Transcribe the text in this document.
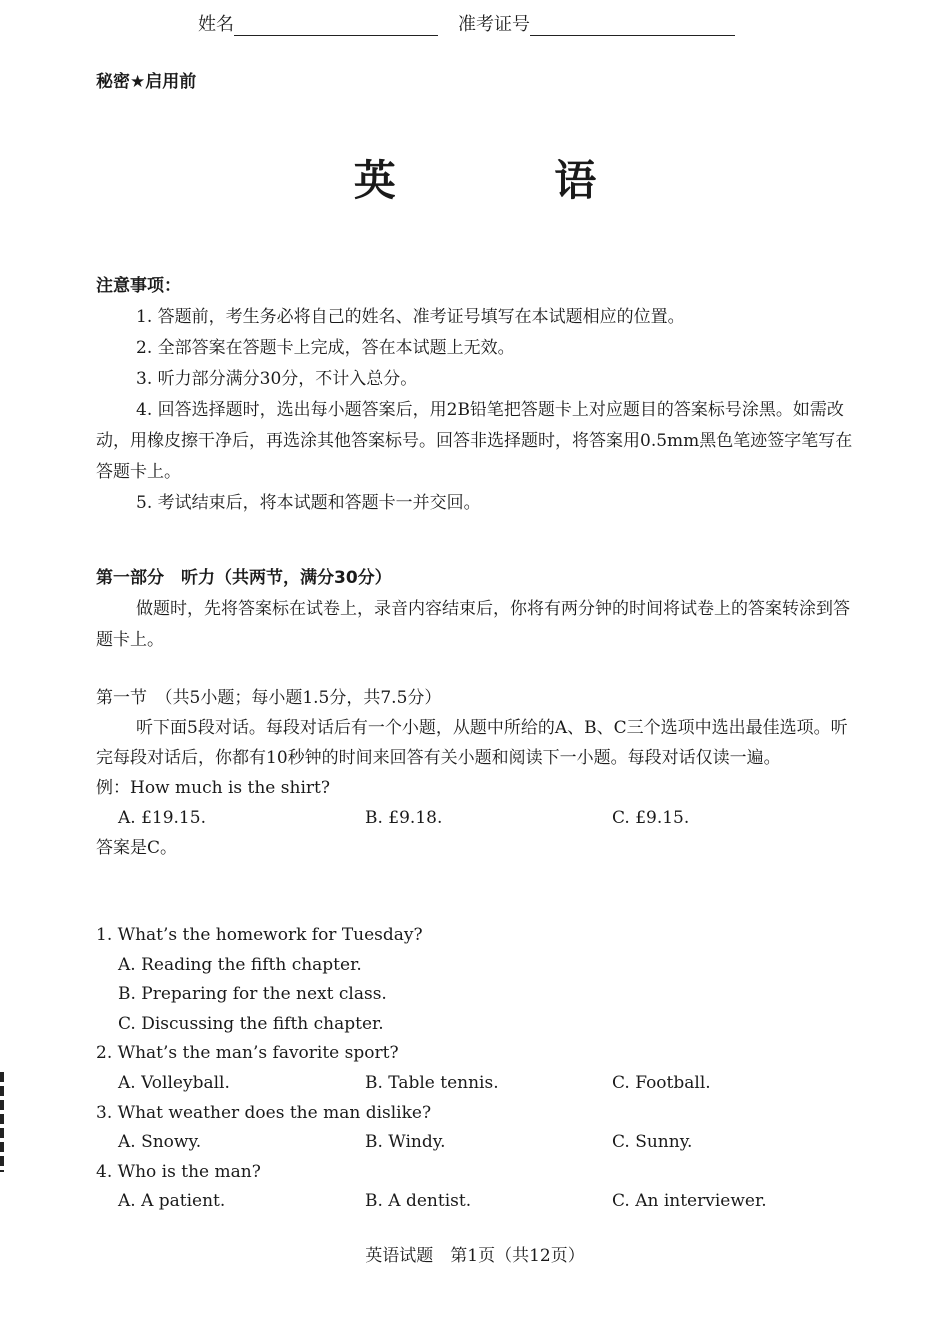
姓名	准考证号
秘密★启用前
英 语

注意事项：

1. 答题前，考生务必将自己的姓名、准考证号填写在本试题相应的位置。

2. 全部答案在答题卡上完成，答在本试题上无效。

3. 听力部分满分30分，不计入总分。

4. 回答选择题时，选出每小题答案后，用2B铅笔把答题卡上对应题目的答案标号涂黑。如需改动，用橡皮擦干净后，再选涂其他答案标号。回答非选择题时，将答案用0.5mm黑色笔迹签字笔写在答题卡上。

5. 考试结束后，将本试题和答题卡一并交回。

第一部分　听力（共两节，满分30分）

做题时，先将答案标在试卷上，录音内容结束后，你将有两分钟的时间将试卷上的答案转涂到答题卡上。

第一节　（共5小题；每小题1.5分，共7.5分）

听下面5段对话。每段对话后有一个小题，从题中所给的A、B、C三个选项中选出最佳选项。听完每段对话后，你都有10秒钟的时间来回答有关小题和阅读下一小题。每段对话仅读一遍。

例：How much is the shirt?

A. £19.15.	B. £9.18.	C. £9.15.

答案是C。

1. What’s the homework for Tuesday?

A. Reading the fifth chapter.

B. Preparing for the next class.

C. Discussing the fifth chapter.

2. What’s the man’s favorite sport?

A. Volleyball.	B. Table tennis.	C. Football.

3. What weather does the man dislike?

A. Snowy.	B. Windy.	C. Sunny.

4. Who is the man?

A. A patient.	B. A dentist.	C. An interviewer.
英语试题　第1页（共12页）
